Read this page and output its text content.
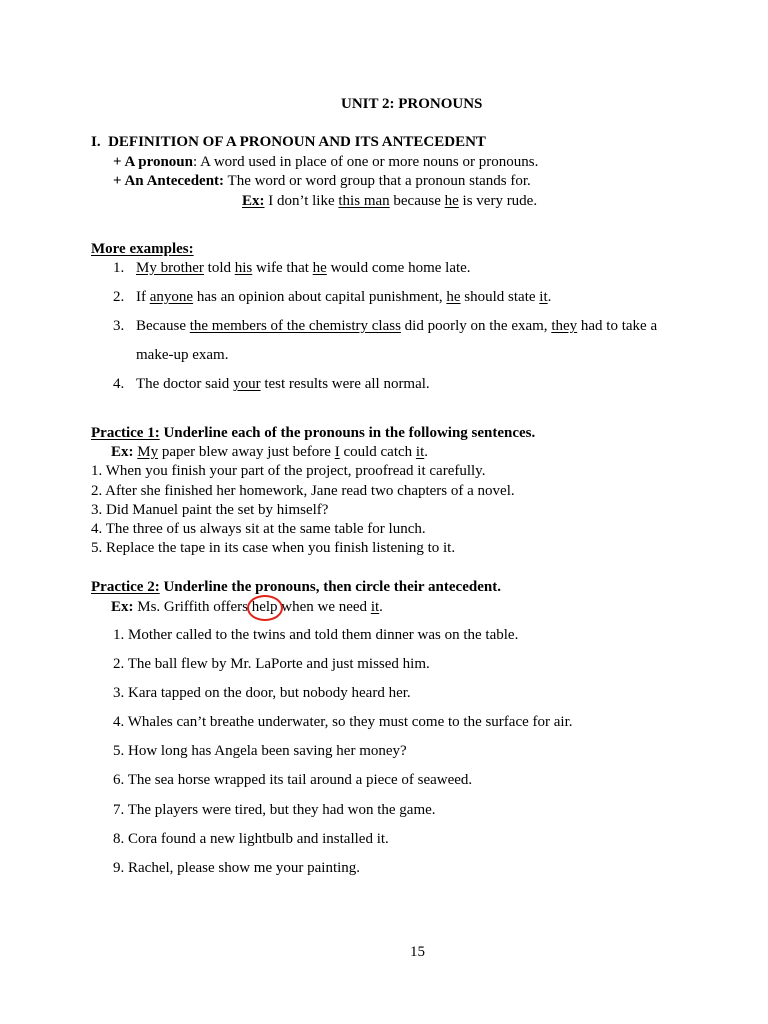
UNIT 2: PRONOUNS
I.  DEFINITION OF A PRONOUN AND ITS ANTECEDENT
+ A pronoun: A word used in place of one or more nouns or pronouns.
+ An Antecedent: The word or word group that a pronoun stands for.
Ex: I don’t like this man because he is very rude.
More examples:
1. My brother told his wife that he would come home late.
2. If anyone has an opinion about capital punishment, he should state it.
3. Because the members of the chemistry class did poorly on the exam, they had to take a
make-up exam.
4. The doctor said your test results were all normal.
Practice 1: Underline each of the pronouns in the following sentences.
Ex: My paper blew away just before I could catch it.
1. When you finish your part of the project, proofread it carefully.
2. After she finished her homework, Jane read two chapters of a novel.
3. Did Manuel paint the set by himself?
4. The three of us always sit at the same table for lunch.
5. Replace the tape in its case when you finish listening to it.
Practice 2: Underline the pronouns, then circle their antecedent.
Ex: Ms. Griffith offers help when we need it.
1. Mother called to the twins and told them dinner was on the table.
2. The ball flew by Mr. LaPorte and just missed him.
3. Kara tapped on the door, but nobody heard her.
4. Whales can’t breathe underwater, so they must come to the surface for air.
5. How long has Angela been saving her money?
6. The sea horse wrapped its tail around a piece of seaweed.
7. The players were tired, but they had won the game.
8. Cora found a new lightbulb and installed it.
9. Rachel, please show me your painting.
15
